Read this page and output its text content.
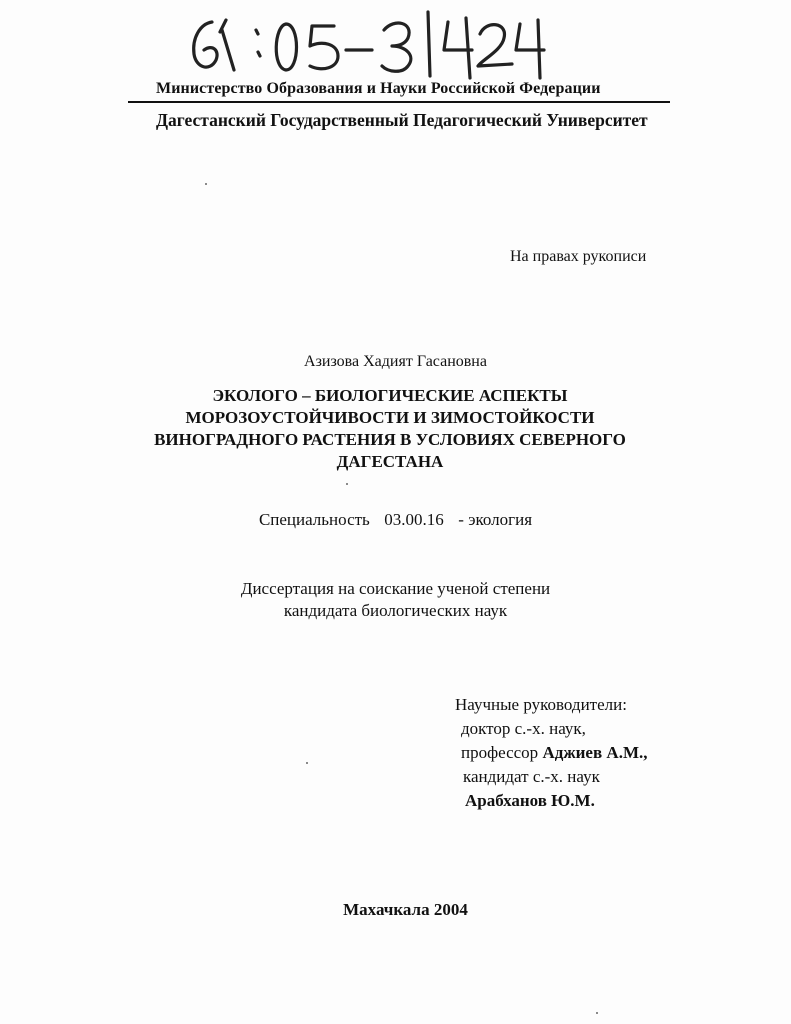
Министерство Образования и Науки Российской Федерации

Дагестанский Государственный Педагогический Университет

На правах рукописи

Азизова Хадият Гасановна

ЭКОЛОГО – БИОЛОГИЧЕСКИЕ АСПЕКТЫ
МОРОЗОУСТОЙЧИВОСТИ И ЗИМОСТОЙКОСТИ
ВИНОГРАДНОГО РАСТЕНИЯ В УСЛОВИЯХ СЕВЕРНОГО
ДАГЕСТАНА

Специальность 03.00.16 - экология

Диссертация на соискание ученой степени
кандидата биологических наук
Научные руководители:
доктор с.-х. наук,
профессор Аджиев А.М.,
кандидат с.-х. наук
Арабханов Ю.М.

Махачкала 2004
